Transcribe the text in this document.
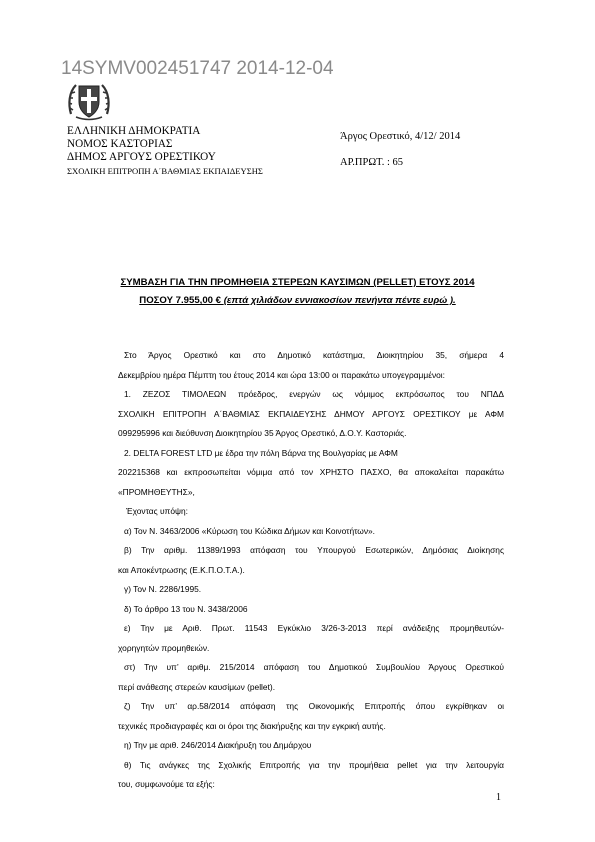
14SYMV002451747 2014-12-04
ΕΛΛΗΝΙΚΗ ΔΗΜΟΚΡΑΤΙΑ
ΝΟΜΟΣ ΚΑΣΤΟΡΙΑΣ
ΔΗΜΟΣ ΑΡΓΟΥΣ ΟΡΕΣΤΙΚΟΥ
ΣΧΟΛΙΚΗ ΕΠΙΤΡΟΠΗ Α΄ΒΑΘΜΙΑΣ ΕΚΠΑΙΔΕΥΣΗΣ
Άργος Ορεστικό, 4/12/ 2014
ΑΡ.ΠΡΩΤ. : 65
ΣΥΜΒΑΣΗ ΓΙΑ ΤΗΝ ΠΡΟΜΗΘΕΙΑ ΣΤΕΡΕΩΝ ΚΑΥΣΙΜΩΝ (PELLET) ΕΤΟΥΣ 2014
ΠΟΣΟΥ 7.955,00 € (επτά χιλιάδων εννιακοσίων πενήντα πέντε ευρώ ).
Στο Άργος Ορεστικό και στο Δημοτικό κατάστημα, Διοικητηρίου 35, σήμερα 4
Δεκεμβρίου ημέρα Πέμπτη του έτους 2014 και ώρα 13:00 οι παρακάτω υπογεγραμμένοι:
1. ΖΕΖΟΣ ΤΙΜΟΛΕΩΝ πρόεδρος, ενεργών ως νόμιμος εκπρόσωπος του ΝΠΔΔ
ΣΧΟΛΙΚΗ ΕΠΙΤΡΟΠΗ Α΄ΒΑΘΜΙΑΣ ΕΚΠΑΙΔΕΥΣΗΣ ΔΗΜΟΥ ΑΡΓΟΥΣ ΟΡΕΣΤΙΚΟΥ με ΑΦΜ
099295996 και διεύθυνση Διοικητηρίου 35 Άργος Ορεστικό, Δ.Ο.Υ. Καστοριάς.
2. DELTA FOREST LTD με έδρα την πόλη Βάρνα της Βουλγαρίας με ΑΦΜ
202215368 και εκπροσωπείται νόμιμα από τον ΧΡΗΣΤΟ ΠΑΣΧΟ, θα αποκαλείται παρακάτω
«ΠΡΟΜΗΘΕΥΤΗΣ»,
Έχοντας υπόψη:
α) Τον Ν. 3463/2006 «Κύρωση του Κώδικα Δήμων και Κοινοτήτων».
β) Την αριθμ. 11389/1993 απόφαση του Υπουργού Εσωτερικών, Δημόσιας Διοίκησης
και Αποκέντρωσης (Ε.Κ.Π.Ο.Τ.Α.).
γ) Τον Ν. 2286/1995.
δ) Το άρθρο 13 του Ν. 3438/2006
ε) Την με Αριθ. Πρωτ. 11543 Εγκύκλιο 3/26-3-2013 περί ανάδειξης προμηθευτών-
χορηγητών προμηθειών.
στ) Την υπ’ αριθμ. 215/2014 απόφαση του Δημοτικού Συμβουλίου Άργους Ορεστικού
περί ανάθεσης στερεών καυσίμων (pellet).
ζ) Την υπ’ αρ.58/2014 απόφαση της Οικονομικής Επιτροπής όπου εγκρίθηκαν οι
τεχνικές προδιαγραφές και οι όροι της διακήρυξης και την εγκρική αυτής.
η) Την με αριθ. 246/2014 Διακήρυξη του Δημάρχου
θ) Τις ανάγκες της Σχολικής Επιτροπής για την προμήθεια pellet για την λειτουργία
του, συμφωνούμε τα εξής:
1
